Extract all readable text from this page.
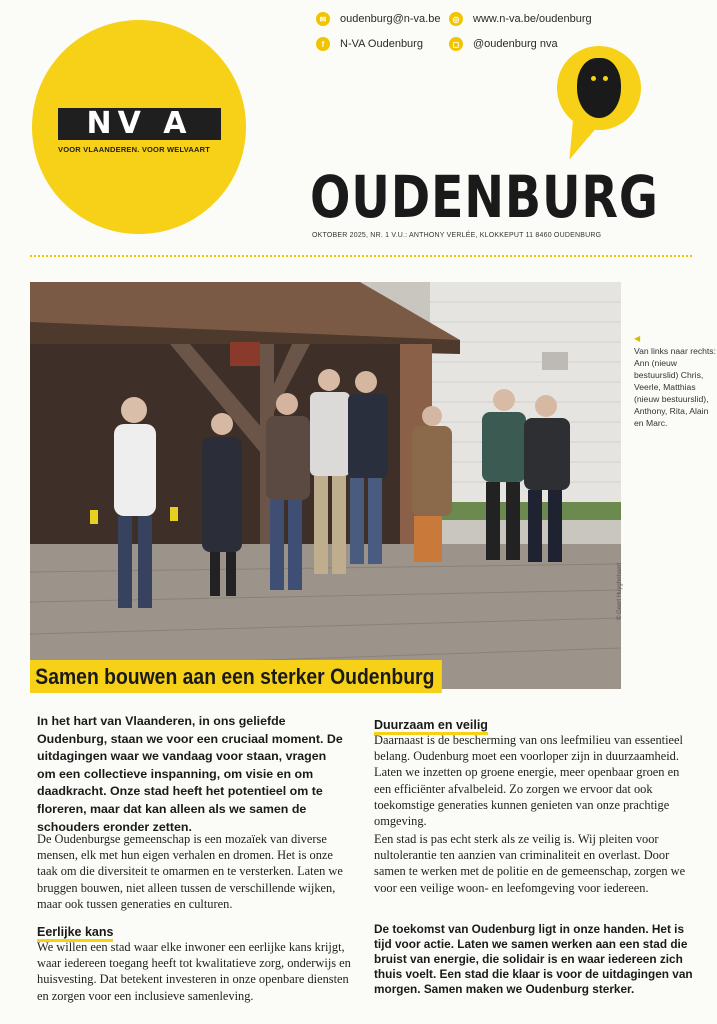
NV A
VOOR VLAANDEREN. VOOR WELVAART
✉	oudenburg@n-va.be	◎	www.n-va.be/oudenburg
f	N-VA Oudenburg	◻	@oudenburg nva
OUDENBURG
OKTOBER 2025, NR. 1 V.U.: ANTHONY VERLÉE, KLOKKEPUT 11 8460 OUDENBURG
© Geert Huyghebaert
Samen bouwen aan een sterker Oudenburg
◀
Van links naar rechts: Ann (nieuw bestuurslid) Chris, Veerle, Matthias (nieuw bestuurslid), Anthony, Rita, Alain en Marc.
In het hart van Vlaanderen, in ons geliefde Oudenburg, staan we voor een cruciaal moment. De uitdagingen waar we vandaag voor staan, vragen om een collectieve inspanning, om visie en om daadkracht. Onze stad heeft het potentieel om te floreren, maar dat kan alleen als we samen de schouders eronder zetten.
De Oudenburgse gemeenschap is een mozaïek van diverse mensen, elk met hun eigen verhalen en dromen. Het is onze taak om die diversiteit te omarmen en te versterken. Laten we bruggen bouwen, niet alleen tussen de verschillende wijken, maar ook tussen generaties en culturen.
Eerlijke kans
We willen een stad waar elke inwoner een eerlijke kans krijgt, waar iedereen toegang heeft tot kwalitatieve zorg, onderwijs en huisvesting. Dat betekent investeren in onze openbare diensten en zorgen voor een inclusieve samenleving.
Duurzaam en veilig
Daarnaast is de bescherming van ons leefmilieu van essentieel belang. Oudenburg moet een voorloper zijn in duurzaamheid. Laten we inzetten op groene energie, meer openbaar groen en een efficiënter afvalbeleid. Zo zorgen we ervoor dat ook toekomstige generaties kunnen genieten van onze prachtige omgeving.
Een stad is pas echt sterk als ze veilig is. Wij pleiten voor nultolerantie ten aanzien van criminaliteit en overlast. Door samen te werken met de politie en de gemeenschap, zorgen we voor een veilige woon- en leefomgeving voor iedereen.
De toekomst van Oudenburg ligt in onze handen. Het is tijd voor actie. Laten we samen werken aan een stad die bruist van energie, die solidair is en waar iedereen zich thuis voelt. Een stad die klaar is voor de uitdagingen van morgen. Samen maken we Oudenburg sterker.
